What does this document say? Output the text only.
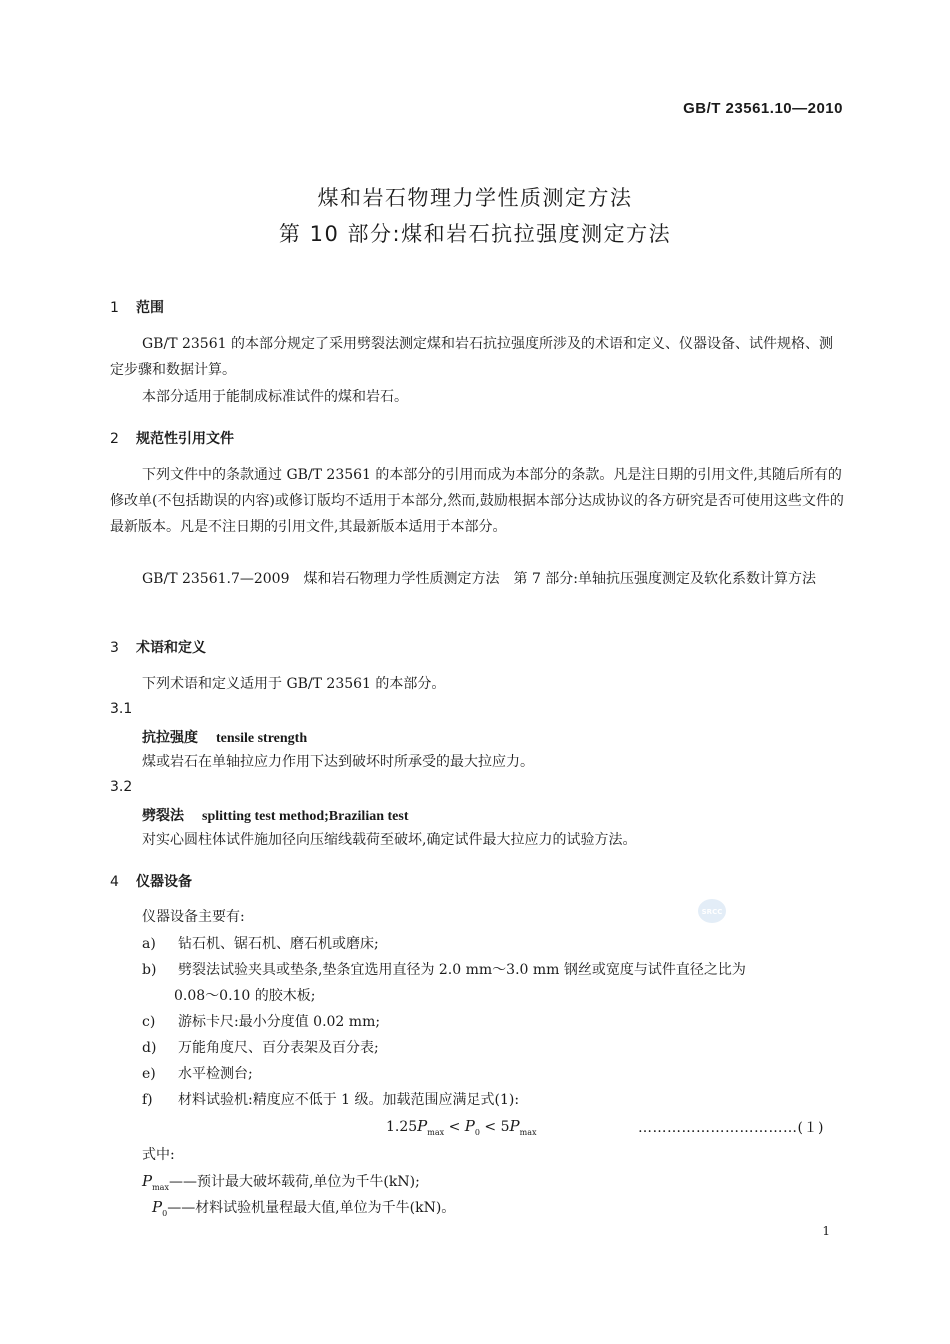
GB/T 23561.10—2010
煤和岩石物理力学性质测定方法
第 10 部分:煤和岩石抗拉强度测定方法
1 范围
GB/T 23561 的本部分规定了采用劈裂法测定煤和岩石抗拉强度所涉及的术语和定义、仪器设备、试件规格、测定步骤和数据计算。
本部分适用于能制成标准试件的煤和岩石。
2 规范性引用文件
下列文件中的条款通过 GB/T 23561 的本部分的引用而成为本部分的条款。凡是注日期的引用文件,其随后所有的修改单(不包括勘误的内容)或修订版均不适用于本部分,然而,鼓励根据本部分达成协议的各方研究是否可使用这些文件的最新版本。凡是不注日期的引用文件,其最新版本适用于本部分。
GB/T 23561.7—2009　煤和岩石物理力学性质测定方法　第 7 部分:单轴抗压强度测定及软化系数计算方法
3 术语和定义
下列术语和定义适用于 GB/T 23561 的本部分。
3.1
抗拉强度 tensile strength
煤或岩石在单轴拉应力作用下达到破坏时所承受的最大拉应力。
3.2
劈裂法 splitting test method;Brazilian test
对实心圆柱体试件施加径向压缩线载荷至破坏,确定试件最大拉应力的试验方法。
4 仪器设备
仪器设备主要有:
a) 钻石机、锯石机、磨石机或磨床;
b) 劈裂法试验夹具或垫条,垫条宜选用直径为 2.0 mm～3.0 mm 钢丝或宽度与试件直径之比为
0.08～0.10 的胶木板;
c) 游标卡尺:最小分度值 0.02 mm;
d) 万能角度尺、百分表架及百分表;
e) 水平检测台;
f) 材料试验机:精度应不低于 1 级。加载范围应满足式(1):
$1.25P_{max} < P_0 < 5P_{max}$	……………………………(１)
式中:
$P_{max}——$预计最大破坏载荷,单位为千牛(kN);
$P_0——$材料试验机量程最大值,单位为千牛(kN)。
SRCC
1
